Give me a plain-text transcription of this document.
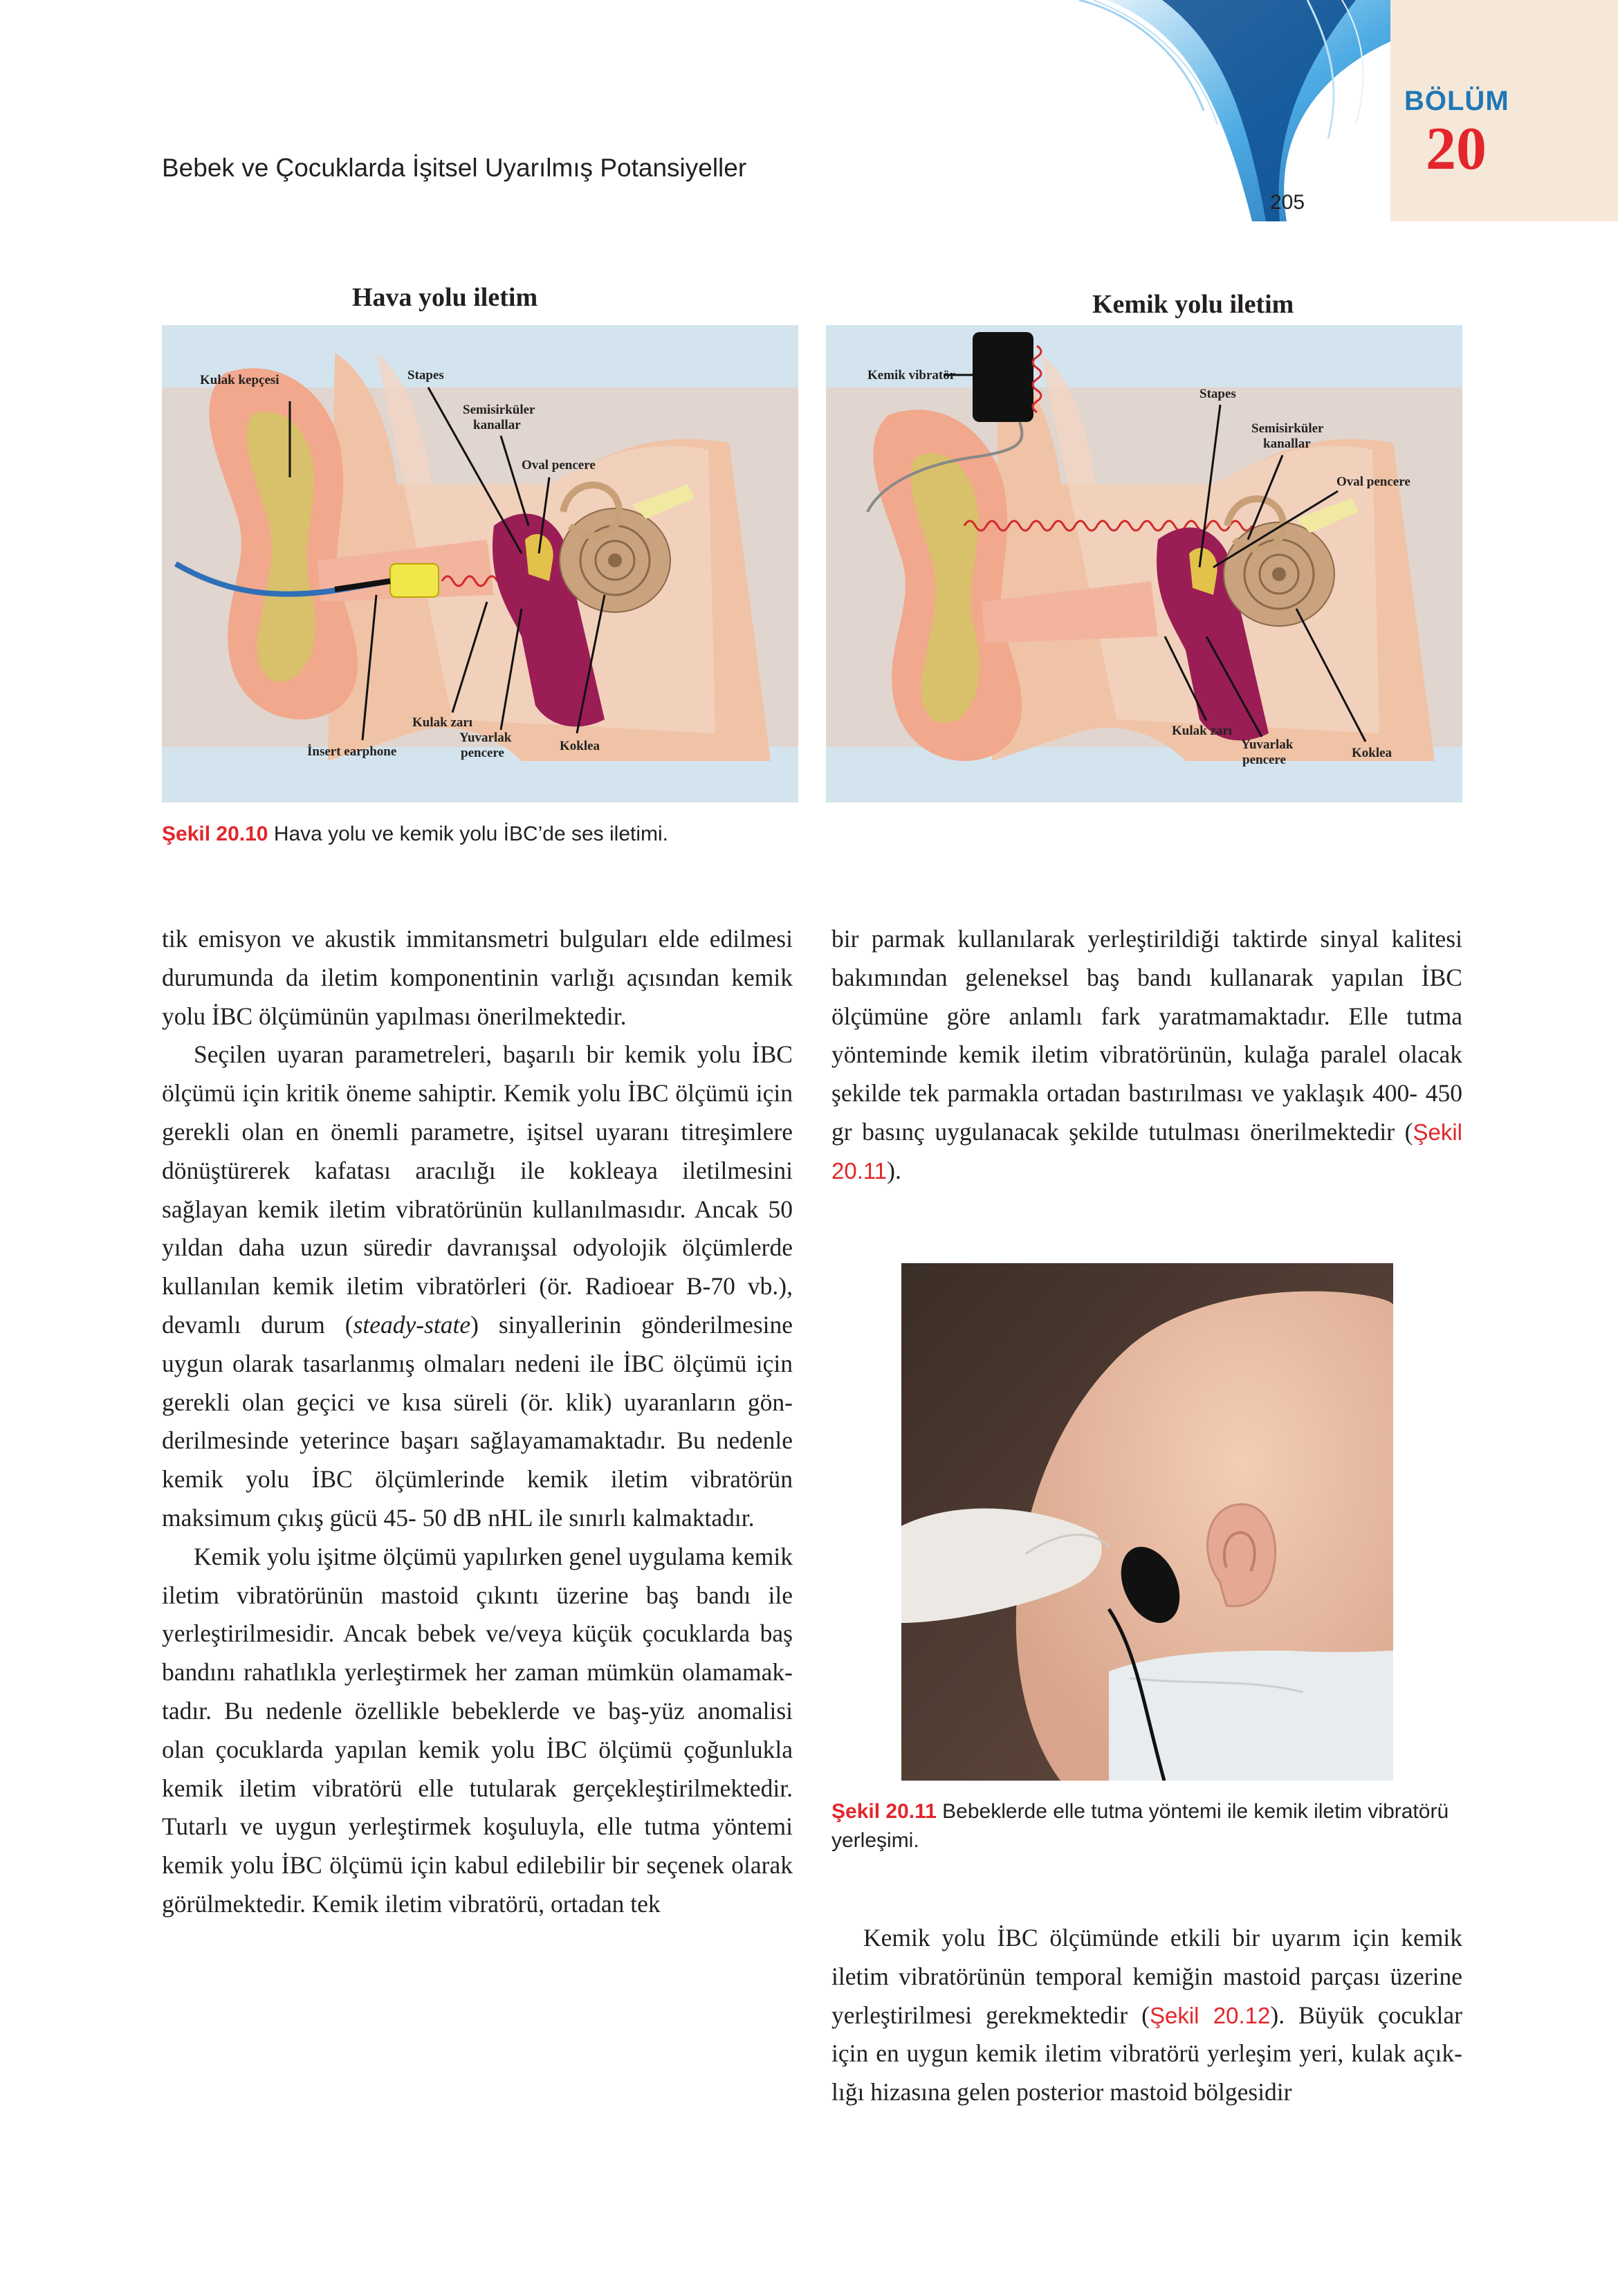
Bebek ve Çocuklarda İşitsel Uyarılmış Potansiyeller
205
BÖLÜM
20
Hava yolu iletim
Kulak kepçesi	Stapes
Semisirküler
kanallar
Oval pencere
Kulak zarı
Yuvarlak
pencere	Koklea
İnsert earphone
Kemik yolu iletim
Kemik vibratör
Stapes
Semisirküler
kanallar
Oval pencere
Kulak zarı
Yuvarlak
pencere	Koklea
Şekil 20.10 Hava yolu ve kemik yolu İBC’de ses iletimi.

tik emisyon ve akustik immitansmetri bulguları elde edilmesi durumunda da iletim komponentinin varlığı açısından kemik yolu İBC ölçümünün yapılması önerilmektedir.

Seçilen uyaran parametreleri, başarılı bir kemik yolu İBC ölçümü için kritik öneme sahiptir. Kemik yolu İBC ölçümü için gerekli olan en önemli parametre, işitsel uyaranı titreşimlere dönüştürerek kafatası aracılığı ile kokleaya iletilmesini sağlayan kemik iletim vibratörünün kullanılmasıdır. Ancak 50 yıldan daha uzun süredir davranışsal odyolojik ölçümlerde kullanılan kemik iletim vibratörleri (ör. Radioear B-70 vb.), devamlı durum (steady-state) sinyallerinin gönderilmesine uygun olarak tasarlanmış olmaları nedeni ile İBC ölçümü için gerekli olan geçici ve kısa süreli (ör. klik) uyaranların gönderilmesinde yeterince başarı sağlayamamaktadır. Bu nedenle kemik yolu İBC ölçümlerinde kemik iletim vibratörün maksimum çıkış gücü 45- 50 dB nHL ile sınırlı kalmaktadır.

Kemik yolu işitme ölçümü yapılırken genel uygulama kemik iletim vibratörünün mastoid çıkıntı üzerine baş bandı ile yerleştirilmesidir. Ancak bebek ve/veya küçük çocuklarda baş bandını rahatlıkla yerleştirmek her zaman mümkün olamamaktadır. Bu nedenle özellikle bebeklerde ve baş-yüz anomalisi olan çocuklarda yapılan kemik yolu İBC ölçümü çoğunlukla kemik iletim vibratörü elle tutularak gerçekleştirilmektedir. Tutarlı ve uygun yerleştirmek koşuluyla, elle tutma yöntemi kemik yolu İBC ölçümü için kabul edilebilir bir seçenek olarak görülmektedir. Kemik iletim vibratörü, ortadan tek

bir parmak kullanılarak yerleştirildiği taktirde sinyal kalitesi bakımından geleneksel baş bandı kullanarak yapılan İBC ölçümüne göre anlamlı fark yaratmamaktadır. Elle tutma yönteminde kemik iletim vibratörünün, kulağa paralel olacak şekilde tek parmakla ortadan bastırılması ve yaklaşık 400- 450 gr basınç uygulanacak şekilde tutulması önerilmektedir (Şekil 20.11).

Şekil 20.11 Bebeklerde elle tutma yöntemi ile kemik iletim vibratörü yerleşimi.

Kemik yolu İBC ölçümünde etkili bir uyarım için kemik iletim vibratörünün temporal kemiğin mastoid parçası üzerine yerleştirilmesi gerekmektedir (Şekil 20.12). Büyük çocuklar için en uygun kemik iletim vibratörü yerleşim yeri, kulak açıklığı hizasına gelen posterior mastoid bölgesidir
